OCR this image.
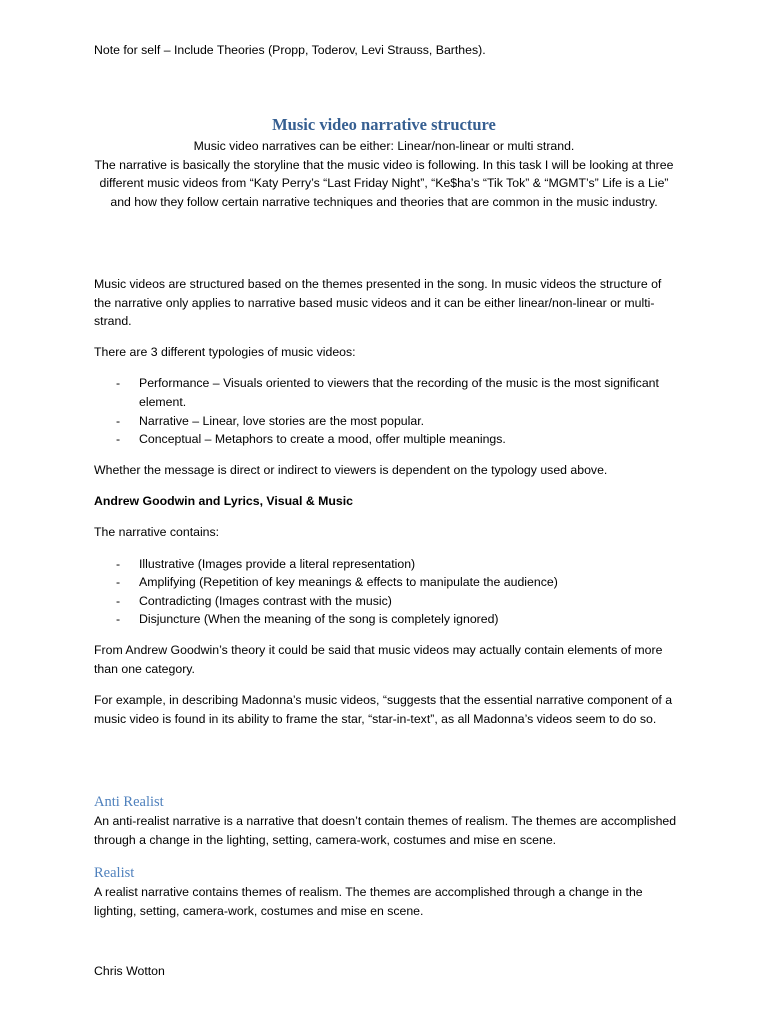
Note for self – Include Theories (Propp, Toderov, Levi Strauss, Barthes).
Music video narrative structure

Music video narratives can be either: Linear/non-linear or multi strand.

The narrative is basically the storyline that the music video is following. In this task I will be looking at three different music videos from “Katy Perry’s “Last Friday Night”, “Ke$ha’s “Tik Tok” & “MGMT’s” Life is a Lie” and how they follow certain narrative techniques and theories that are common in the music industry.

Music videos are structured based on the themes presented in the song. In music videos the structure of the narrative only applies to narrative based music videos and it can be either linear/non-linear or multi-strand.

There are 3 different typologies of music videos:

- Performance – Visuals oriented to viewers that the recording of the music is the most significant element.
- Narrative – Linear, love stories are the most popular.
- Conceptual – Metaphors to create a mood, offer multiple meanings.

Whether the message is direct or indirect to viewers is dependent on the typology used above.

Andrew Goodwin and Lyrics, Visual & Music

The narrative contains:

- Illustrative (Images provide a literal representation)
- Amplifying (Repetition of key meanings & effects to manipulate the audience)
- Contradicting (Images contrast with the music)
- Disjuncture (When the meaning of the song is completely ignored)

From Andrew Goodwin’s theory it could be said that music videos may actually contain elements of more than one category.

For example, in describing Madonna’s music videos, “suggests that the essential narrative component of a music video is found in its ability to frame the star, “star-in-text”, as all Madonna’s videos seem to do so.

Anti Realist

An anti-realist narrative is a narrative that doesn’t contain themes of realism. The themes are accomplished through a change in the lighting, setting, camera-work, costumes and mise en scene.

Realist

A realist narrative contains themes of realism. The themes are accomplished through a change in the lighting, setting, camera-work, costumes and mise en scene.

Chris Wotton
